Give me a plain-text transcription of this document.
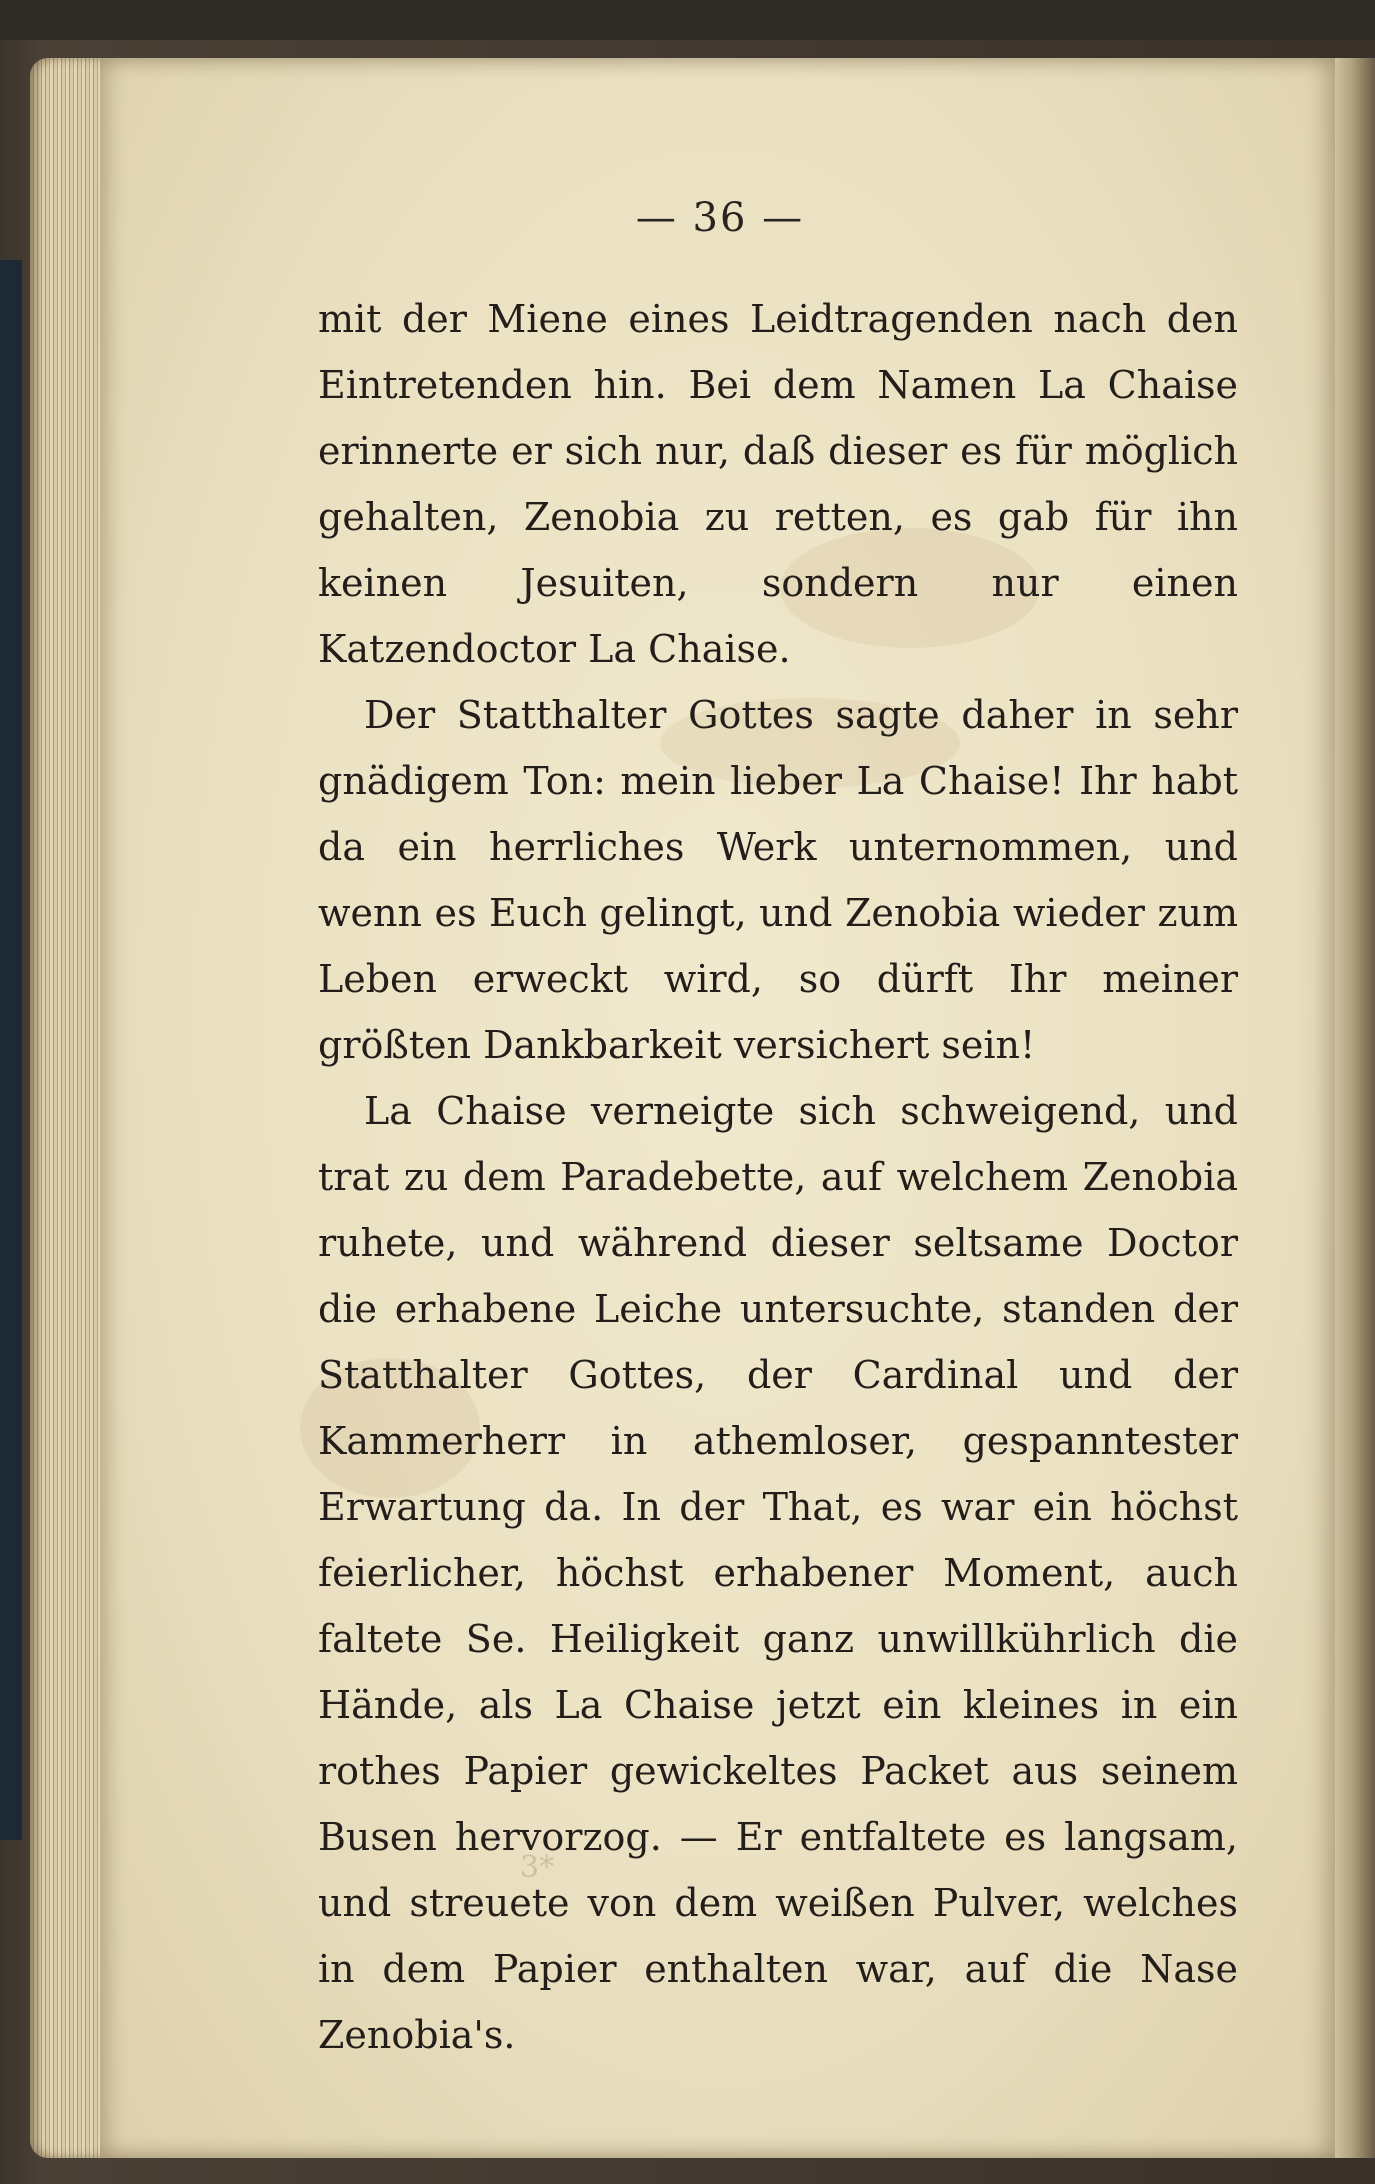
— 36 —

mit der Miene eines Leidtragenden nach den Eintretenden hin. Bei dem Namen La Chaise erinnerte er sich nur, daß dieser es für möglich gehalten, Zenobia zu retten, es gab für ihn keinen Jesuiten, sondern nur einen Katzendoctor La Chaise.

Der Statthalter Gottes sagte daher in sehr gnädigem Ton: mein lieber La Chaise! Ihr habt da ein herrliches Werk unternommen, und wenn es Euch gelingt, und Zenobia wieder zum Leben erweckt wird, so dürft Ihr meiner größten Dankbarkeit versichert sein!

La Chaise verneigte sich schweigend, und trat zu dem Paradebette, auf welchem Zenobia ruhete, und während dieser seltsame Doctor die erhabene Leiche untersuchte, standen der Statthalter Gottes, der Cardinal und der Kammerherr in athemloser, gespanntester Erwartung da. In der That, es war ein höchst feierlicher, höchst erhabener Moment, auch faltete Se. Heiligkeit ganz unwillkührlich die Hände, als La Chaise jetzt ein kleines in ein rothes Papier gewickeltes Packet aus seinem Busen hervorzog. — Er entfaltete es langsam, und streuete von dem weißen Pulver, welches in dem Papier enthalten war, auf die Nase Zenobia's.

3*
